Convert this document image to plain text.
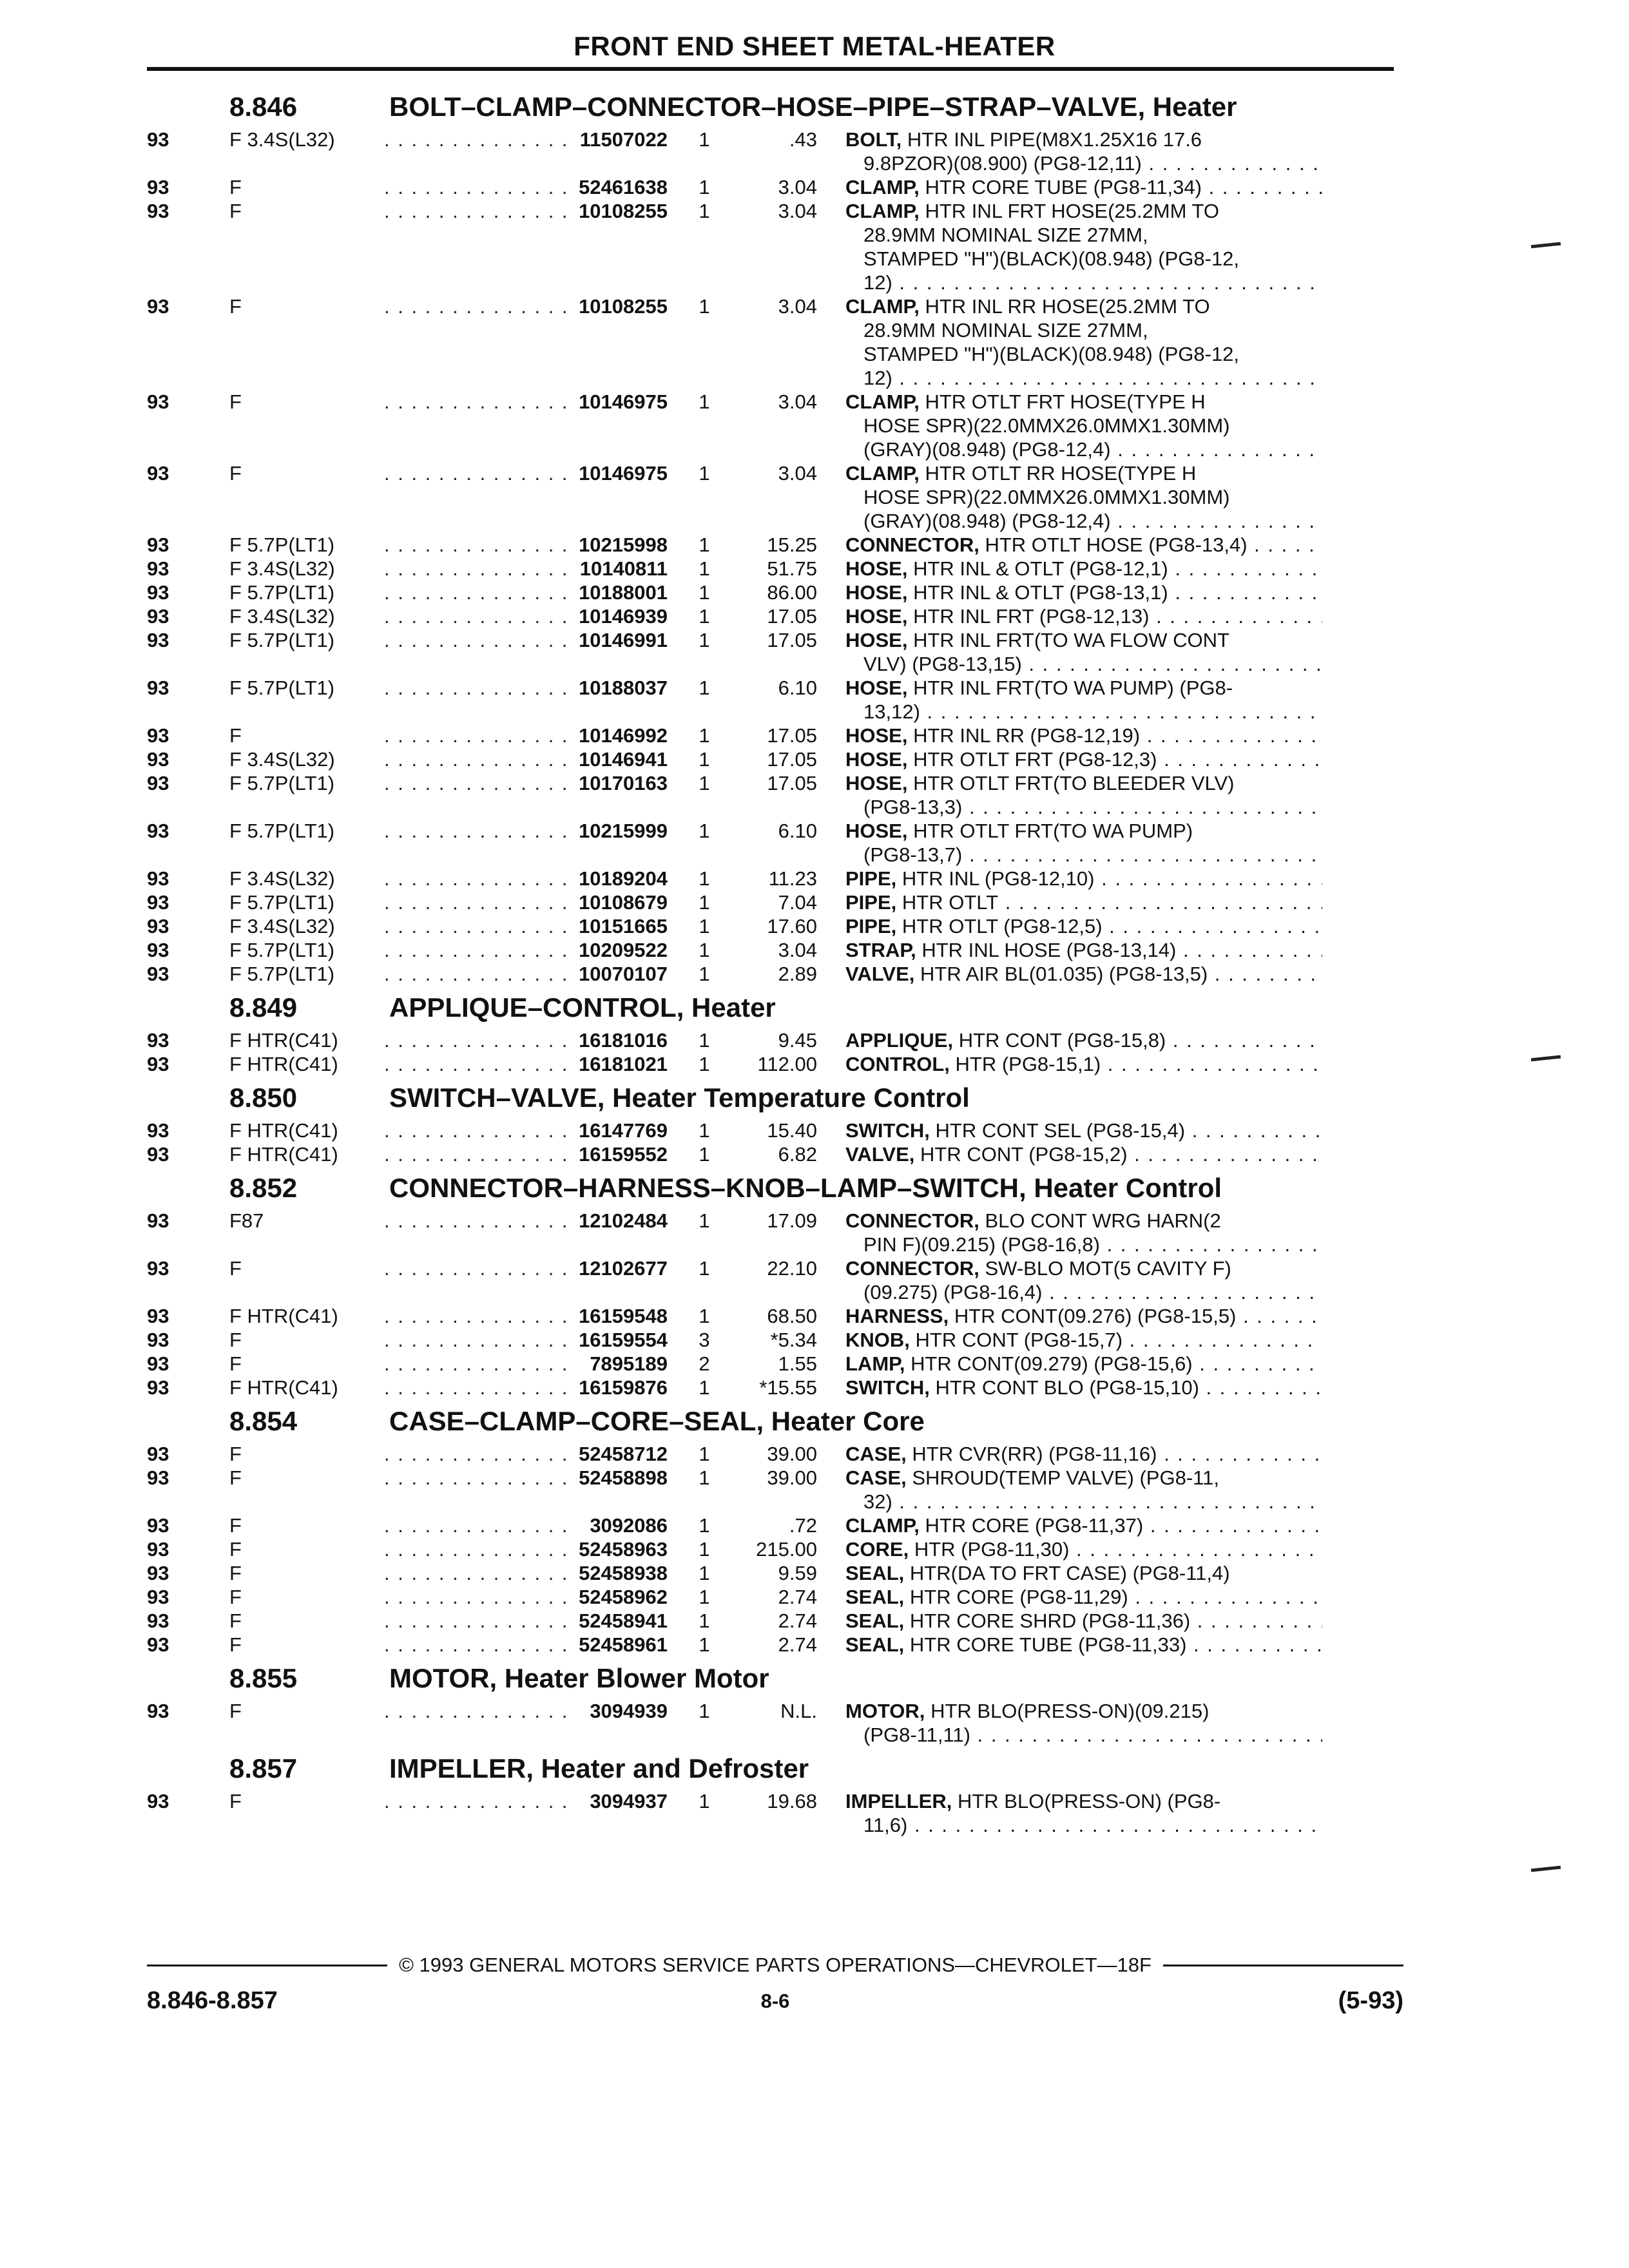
FRONT END SHEET METAL-HEATER
8.846	BOLT–CLAMP–CONNECTOR–HOSE–PIPE–STRAP–VALVE, Heater
93	F 3.4S(L32) . . .	11507022	1	.43	BOLT, HTR INL PIPE(M8X1.25X16 17.6
9.8PZOR)(08.900) (PG8-12,11) . . .
93	F . . .	52461638	1	3.04	CLAMP, HTR CORE TUBE (PG8-11,34) . . .
93	F . . .	10108255	1	3.04	CLAMP, HTR INL FRT HOSE(25.2MM TO
28.9MM NOMINAL SIZE 27MM,
STAMPED "H")(BLACK)(08.948) (PG8-12,
12) . . .
93	F . . .	10108255	1	3.04	CLAMP, HTR INL RR HOSE(25.2MM TO
28.9MM NOMINAL SIZE 27MM,
STAMPED "H")(BLACK)(08.948) (PG8-12,
12) . . .
93	F . . .	10146975	1	3.04	CLAMP, HTR OTLT FRT HOSE(TYPE H
HOSE SPR)(22.0MMX26.0MMX1.30MM)
(GRAY)(08.948) (PG8-12,4) . . .
93	F . . .	10146975	1	3.04	CLAMP, HTR OTLT RR HOSE(TYPE H
HOSE SPR)(22.0MMX26.0MMX1.30MM)
(GRAY)(08.948) (PG8-12,4) . . .
93	F 5.7P(LT1) . . .	10215998	1	15.25	CONNECTOR, HTR OTLT HOSE (PG8-13,4) . . .
93	F 3.4S(L32) . . .	10140811	1	51.75	HOSE, HTR INL & OTLT (PG8-12,1) . . .
93	F 5.7P(LT1) . . .	10188001	1	86.00	HOSE, HTR INL & OTLT (PG8-13,1) . . .
93	F 3.4S(L32) . . .	10146939	1	17.05	HOSE, HTR INL FRT (PG8-12,13) . . .
93	F 5.7P(LT1) . . .	10146991	1	17.05	HOSE, HTR INL FRT(TO WA FLOW CONT
VLV) (PG8-13,15) . . .
93	F 5.7P(LT1) . . .	10188037	1	6.10	HOSE, HTR INL FRT(TO WA PUMP) (PG8-
13,12) . . .
93	F . . .	10146992	1	17.05	HOSE, HTR INL RR (PG8-12,19) . . .
93	F 3.4S(L32) . . .	10146941	1	17.05	HOSE, HTR OTLT FRT (PG8-12,3) . . .
93	F 5.7P(LT1) . . .	10170163	1	17.05	HOSE, HTR OTLT FRT(TO BLEEDER VLV)
(PG8-13,3) . . .
93	F 5.7P(LT1) . . .	10215999	1	6.10	HOSE, HTR OTLT FRT(TO WA PUMP)
(PG8-13,7) . . .
93	F 3.4S(L32) . . .	10189204	1	11.23	PIPE, HTR INL (PG8-12,10) . . .
93	F 5.7P(LT1) . . .	10108679	1	7.04	PIPE, HTR OTLT . . .
93	F 3.4S(L32) . . .	10151665	1	17.60	PIPE, HTR OTLT (PG8-12,5) . . .
93	F 5.7P(LT1) . . .	10209522	1	3.04	STRAP, HTR INL HOSE (PG8-13,14) . . .
93	F 5.7P(LT1) . . .	10070107	1	2.89	VALVE, HTR AIR BL(01.035) (PG8-13,5) . . .
8.849	APPLIQUE–CONTROL, Heater
93	F HTR(C41) . . .	16181016	1	9.45	APPLIQUE, HTR CONT (PG8-15,8) . . .
93	F HTR(C41) . . .	16181021	1	112.00	CONTROL, HTR (PG8-15,1) . . .
8.850	SWITCH–VALVE, Heater Temperature Control
93	F HTR(C41) . . .	16147769	1	15.40	SWITCH, HTR CONT SEL (PG8-15,4) . . .
93	F HTR(C41) . . .	16159552	1	6.82	VALVE, HTR CONT (PG8-15,2) . . .
8.852	CONNECTOR–HARNESS–KNOB–LAMP–SWITCH, Heater Control
93	F87 . . .	12102484	1	17.09	CONNECTOR, BLO CONT WRG HARN(2
PIN F)(09.215) (PG8-16,8) . . .
93	F . . .	12102677	1	22.10	CONNECTOR, SW-BLO MOT(5 CAVITY F)
(09.275) (PG8-16,4) . . .
93	F HTR(C41) . . .	16159548	1	68.50	HARNESS, HTR CONT(09.276) (PG8-15,5) . . .
93	F . . .	16159554	3	*5.34	KNOB, HTR CONT (PG8-15,7) . . .
93	F . . .	7895189	2	1.55	LAMP, HTR CONT(09.279) (PG8-15,6) . . .
93	F HTR(C41) . . .	16159876	1	*15.55	SWITCH, HTR CONT BLO (PG8-15,10) . . .
8.854	CASE–CLAMP–CORE–SEAL, Heater Core
93	F . . .	52458712	1	39.00	CASE, HTR CVR(RR) (PG8-11,16) . . .
93	F . . .	52458898	1	39.00	CASE, SHROUD(TEMP VALVE) (PG8-11,
32) . . .
93	F . . .	3092086	1	.72	CLAMP, HTR CORE (PG8-11,37) . . .
93	F . . .	52458963	1	215.00	CORE, HTR (PG8-11,30) . . .
93	F . . .	52458938	1	9.59	SEAL, HTR(DA TO FRT CASE) (PG8-11,4)
93	F . . .	52458962	1	2.74	SEAL, HTR CORE (PG8-11,29) . . .
93	F . . .	52458941	1	2.74	SEAL, HTR CORE SHRD (PG8-11,36) . . .
93	F . . .	52458961	1	2.74	SEAL, HTR CORE TUBE (PG8-11,33) . . .
8.855	MOTOR, Heater Blower Motor
93	F . . .	3094939	1	N.L.	MOTOR, HTR BLO(PRESS-ON)(09.215)
(PG8-11,11) . . .
8.857	IMPELLER, Heater and Defroster
93	F . . .	3094937	1	19.68	IMPELLER, HTR BLO(PRESS-ON) (PG8-
11,6) . . .
© 1993 GENERAL MOTORS SERVICE PARTS OPERATIONS—CHEVROLET—18F
8.846-8.857	8-6	(5-93)
